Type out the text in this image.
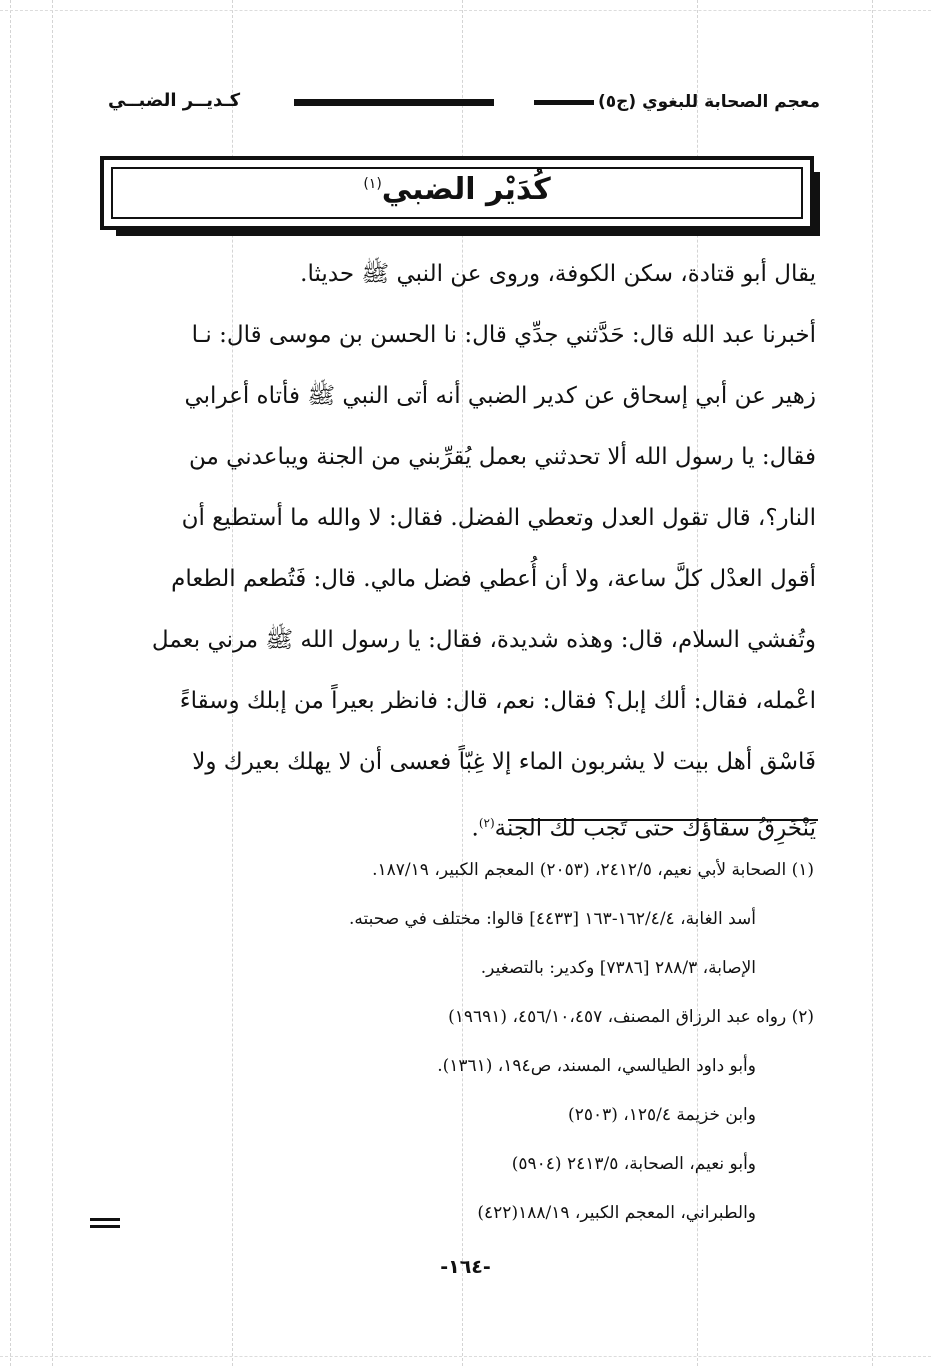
معجم الصحابة للبغوي (ج٥)
كـديــر الضبــي
كُدَيْر الضبي$^{(١)}$
يقال أبو قتادة، سكن الكوفة، وروى عن النبي ﷺ حديثا.
أخبرنا عبد الله قال: حَدَّثني جدِّي قال: نا الحسن بن موسى قال: نـا
زهير عن أبي إسحاق عن كدير الضبي أنه أتى النبي ﷺ فأتاه أعرابي
فقال: يا رسول الله ألا تحدثني بعمل يُقرِّبني من الجنة ويباعدني من
النار؟، قال تقول العدل وتعطي الفضل. فقال: لا والله ما أستطيع أن
أقول العدْل كلَّ ساعة، ولا أن أُعطي فضل مالي. قال: فَتُطعم الطعام
وتُفشي السلام، قال: وهذه شديدة، فقال: يا رسول الله ﷺ مرني بعمل
اعْمله، فقال: ألك إبل؟ فقال: نعم، قال: فانظر بعيراً من إبلك وسقاءً
فَاسْق أهل بيت لا يشربون الماء إلا غِبّاً فعسى أن لا يهلك بعيرك ولا
يَنْخَرِقُ سقاؤك حتى تَجب لك الجنة$^{(٢)}$.
(١) الصحابة لأبي نعيم، ٢٤١٢/٥، (٢٠٥٣) المعجم الكبير، ١٨٧/١٩.
أسد الغابة، ١٦٢/٤/٤-١٦٣ [٤٤٣٣] قالوا: مختلف في صحبته.
الإصابة، ٢٨٨/٣ [٧٣٨٦] وكدير: بالتصغير.
(٢) رواه عبد الرزاق المصنف، ٤٥٦/١٠،٤٥٧، (١٩٦٩١)
وأبو داود الطيالسي، المسند، ص١٩٤، (١٣٦١).
وابن خزيمة ١٢٥/٤، (٢٥٠٣)
وأبو نعيم، الصحابة، ٢٤١٣/٥ (٥٩٠٤)
والطبراني، المعجم الكبير، ١٨٨/١٩(٤٢٢)
-١٦٤-
